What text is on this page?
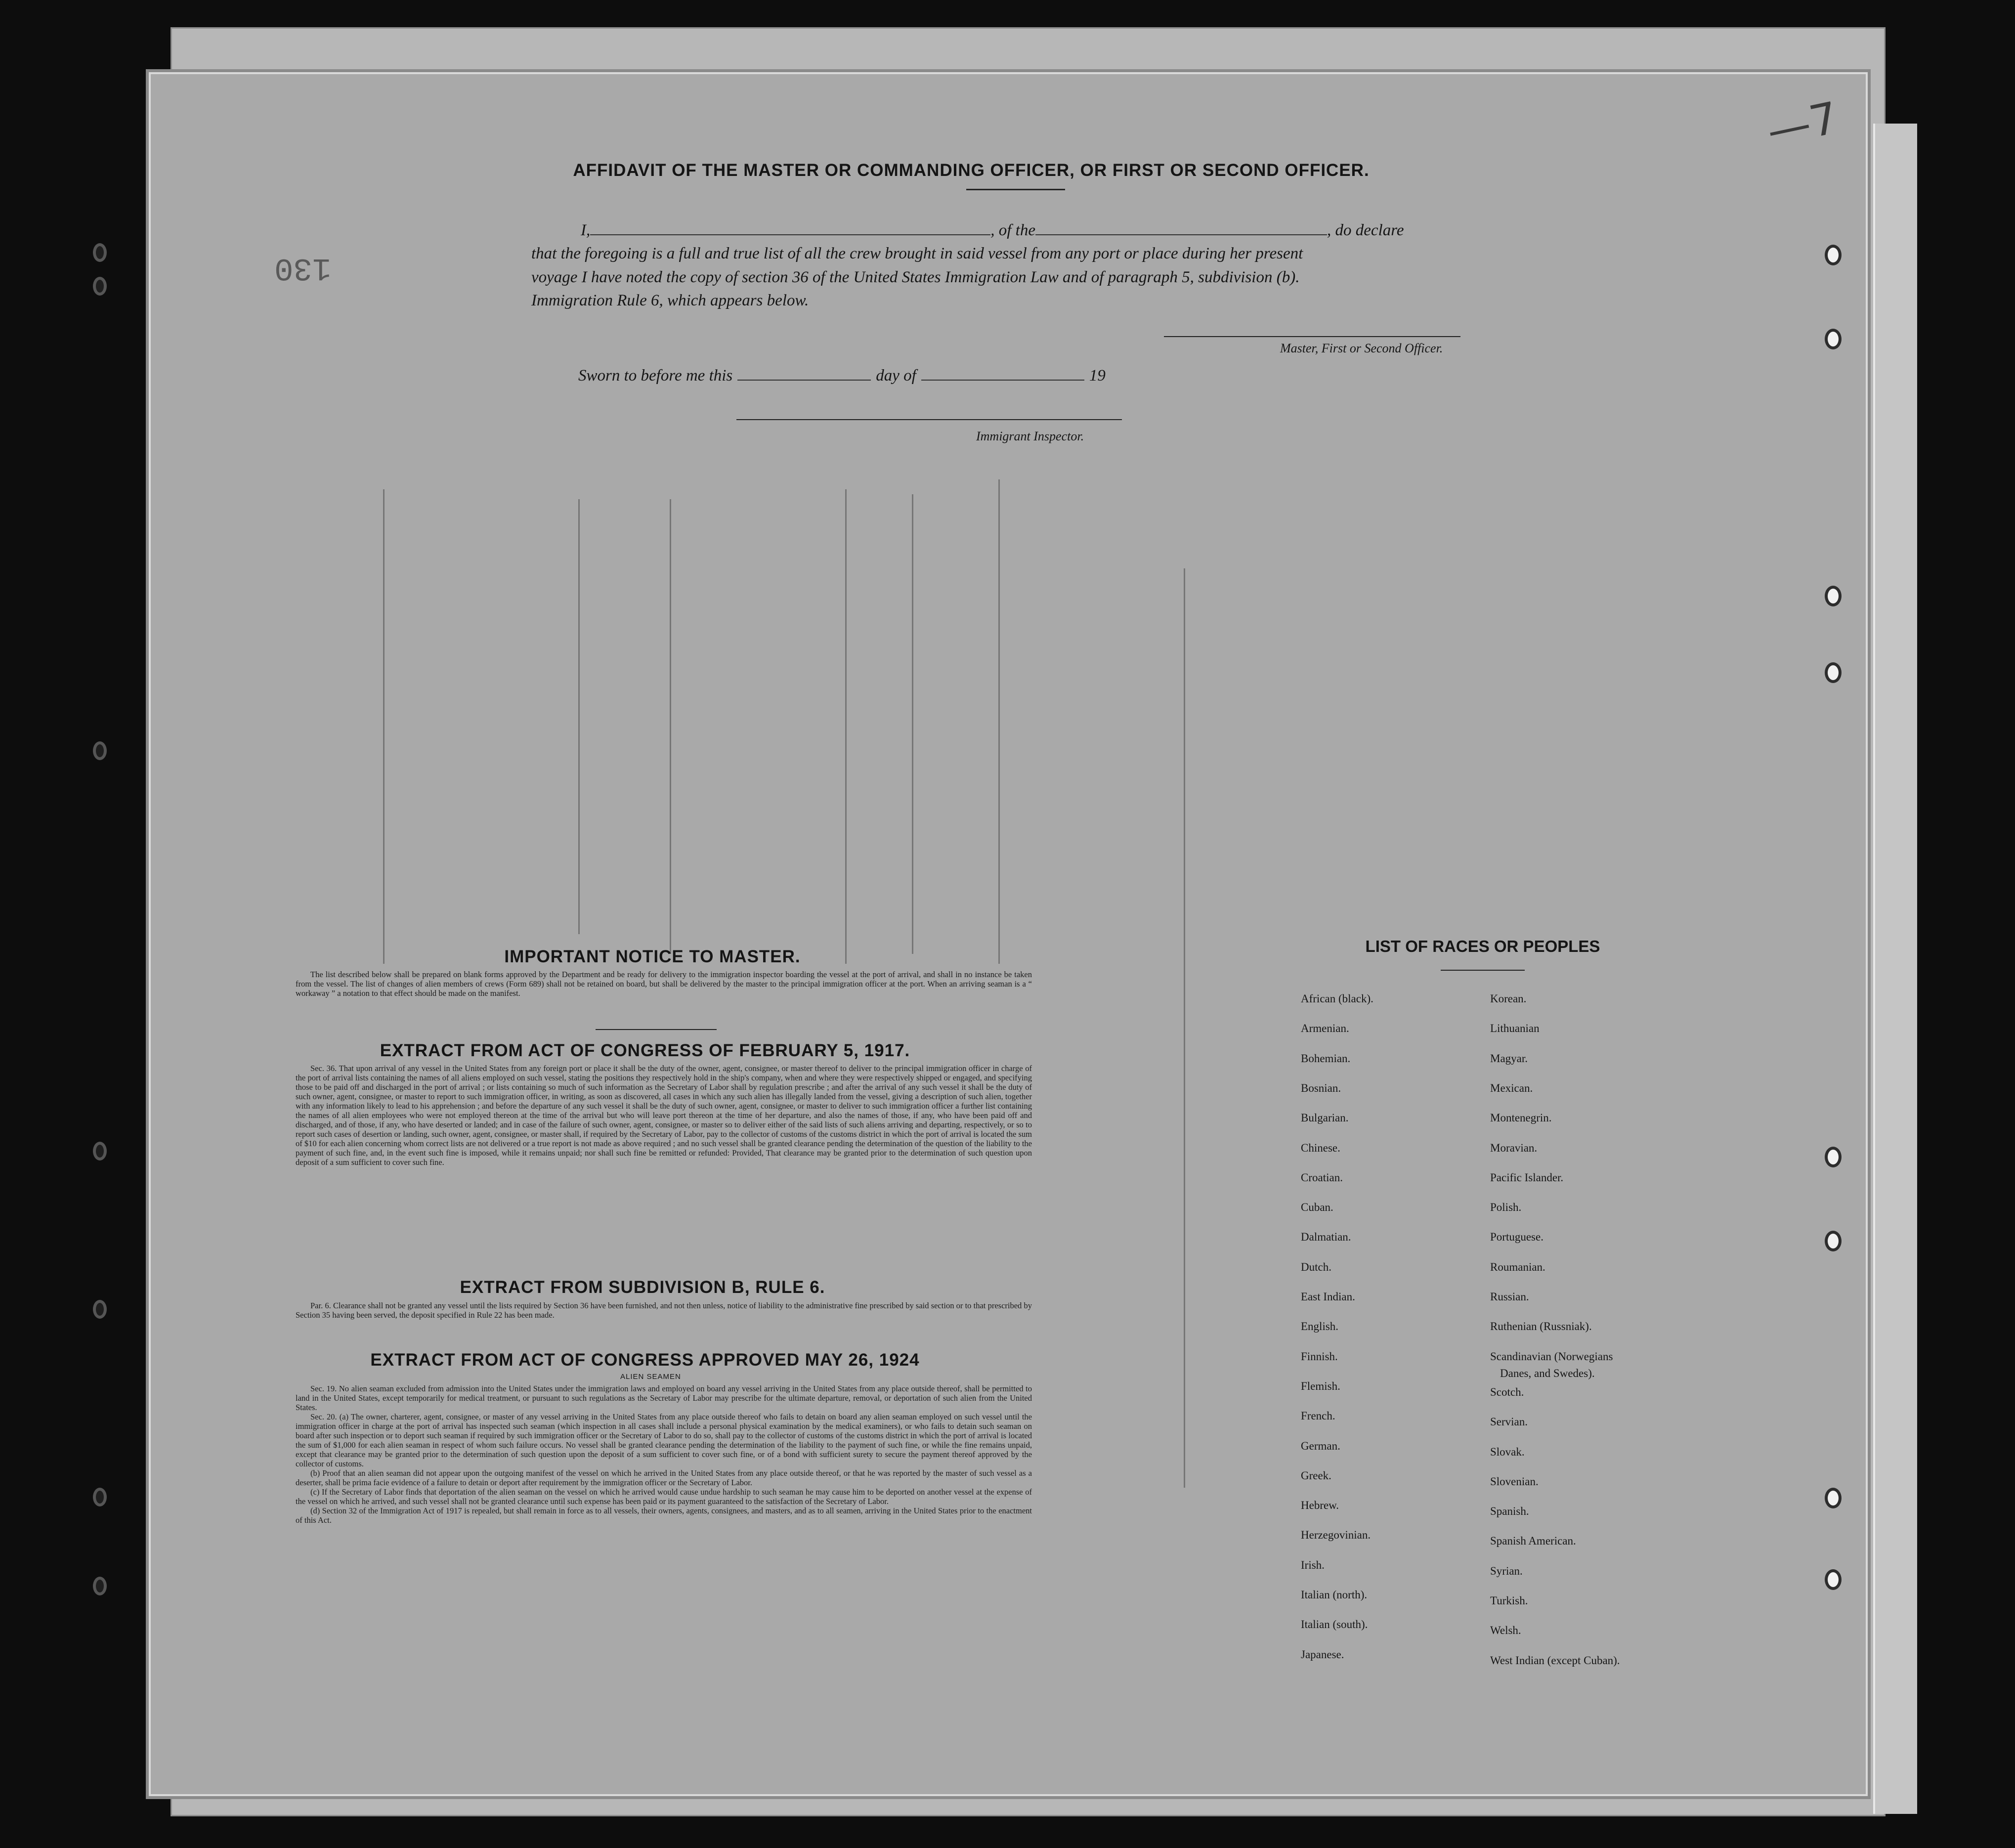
130
—7
AFFIDAVIT OF THE MASTER OR COMMANDING OFFICER, OR FIRST OR SECOND OFFICER.
I,	, of the	, do declare
that the foregoing is a full and true list of all the crew brought in said vessel from any port or place during her present
voyage I have noted the copy of section 36 of the United States Immigration Law and of paragraph 5, subdivision (b).
Immigration Rule 6, which appears below.
Master, First or Second Officer.
Sworn to before me this	day of	19
Immigrant Inspector.
IMPORTANT NOTICE TO MASTER.

The list described below shall be prepared on blank forms approved by the Department and be ready for delivery to the immigration inspector boarding the vessel at the port of arrival, and shall in no instance be taken from the vessel. The list of changes of alien members of crews (Form 689) shall not be retained on board, but shall be delivered by the master to the principal immigration officer at the port. When an arriving seaman is a “ workaway ” a notation to that effect should be made on the manifest.

EXTRACT FROM ACT OF CONGRESS OF FEBRUARY 5, 1917.

Sec. 36. That upon arrival of any vessel in the United States from any foreign port or place it shall be the duty of the owner, agent, consignee, or master thereof to deliver to the principal immigration officer in charge of the port of arrival lists containing the names of all aliens employed on such vessel, stating the positions they respectively hold in the ship's company, when and where they were respectively shipped or engaged, and specifying those to be paid off and discharged in the port of arrival ; or lists containing so much of such information as the Secretary of Labor shall by regulation prescribe ; and after the arrival of any such vessel it shall be the duty of such owner, agent, consignee, or master to report to such immigration officer, in writing, as soon as discovered, all cases in which any such alien has illegally landed from the vessel, giving a description of such alien, together with any information likely to lead to his apprehension ; and before the departure of any such vessel it shall be the duty of such owner, agent, consignee, or master to deliver to such immigration officer a further list containing the names of all alien employees who were not employed thereon at the time of the arrival but who will leave port thereon at the time of her departure, and also the names of those, if any, who have been paid off and discharged, and of those, if any, who have deserted or landed; and in case of the failure of such owner, agent, consignee, or master so to deliver either of the said lists of such aliens arriving and departing, respectively, or so to report such cases of desertion or landing, such owner, agent, consignee, or master shall, if required by the Secretary of Labor, pay to the collector of customs of the customs district in which the port of arrival is located the sum of $10 for each alien concerning whom correct lists are not delivered or a true report is not made as above required ; and no such vessel shall be granted clearance pending the determination of the question of the liability to the payment of such fine, and, in the event such fine is imposed, while it remains unpaid; nor shall such fine be remitted or refunded: Provided, That clearance may be granted prior to the determination of such question upon deposit of a sum sufficient to cover such fine.

EXTRACT FROM SUBDIVISION B, RULE 6.

Par. 6. Clearance shall not be granted any vessel until the lists required by Section 36 have been furnished, and not then unless, notice of liability to the administrative fine prescribed by said section or to that prescribed by Section 35 having been served, the deposit specified in Rule 22 has been made.

EXTRACT FROM ACT OF CONGRESS APPROVED MAY 26, 1924
ALIEN SEAMEN

Sec. 19. No alien seaman excluded from admission into the United States under the immigration laws and employed on board any vessel arriving in the United States from any place outside thereof, shall be permitted to land in the United States, except temporarily for medical treatment, or pursuant to such regulations as the Secretary of Labor may prescribe for the ultimate departure, removal, or deportation of such alien from the United States.

Sec. 20. (a) The owner, charterer, agent, consignee, or master of any vessel arriving in the United States from any place outside thereof who fails to detain on board any alien seaman employed on such vessel until the immigration officer in charge at the port of arrival has inspected such seaman (which inspection in all cases shall include a personal physical examination by the medical examiners), or who fails to detain such seaman on board after such inspection or to deport such seaman if required by such immigration officer or the Secretary of Labor to do so, shall pay to the collector of customs of the customs district in which the port of arrival is located the sum of $1,000 for each alien seaman in respect of whom such failure occurs. No vessel shall be granted clearance pending the determination of the liability to the payment of such fine, or while the fine remains unpaid, except that clearance may be granted prior to the determination of such question upon the deposit of a sum sufficient to cover such fine, or of a bond with sufficient surety to secure the payment thereof approved by the collector of customs.

(b) Proof that an alien seaman did not appear upon the outgoing manifest of the vessel on which he arrived in the United States from any place outside thereof, or that he was reported by the master of such vessel as a deserter, shall be prima facie evidence of a failure to detain or deport after requirement by the immigration officer or the Secretary of Labor.

(c) If the Secretary of Labor finds that deportation of the alien seaman on the vessel on which he arrived would cause undue hardship to such seaman he may cause him to be deported on another vessel at the expense of the vessel on which he arrived, and such vessel shall not be granted clearance until such expense has been paid or its payment guaranteed to the satisfaction of the Secretary of Labor.

(d) Section 32 of the Immigration Act of 1917 is repealed, but shall remain in force as to all vessels, their owners, agents, consignees, and masters, and as to all seamen, arriving in the United States prior to the enactment of this Act.

LIST OF RACES OR PEOPLES
African (black).
Armenian.
Bohemian.
Bosnian.
Bulgarian.
Chinese.
Croatian.
Cuban.
Dalmatian.
Dutch.
East Indian.
English.
Finnish.
Flemish.
French.
German.
Greek.
Hebrew.
Herzegovinian.
Irish.
Italian (north).
Italian (south).
Japanese.
Korean.
Lithuanian
Magyar.
Mexican.
Montenegrin.
Moravian.
Pacific Islander.
Polish.
Portuguese.
Roumanian.
Russian.
Ruthenian (Russniak).
Scandinavian (Norwegians
Scotch.
Servian.
Slovak.
Slovenian.
Spanish.
Spanish American.
Syrian.
Turkish.
Welsh.
West Indian (except Cuban).
Danes, and Swedes).
